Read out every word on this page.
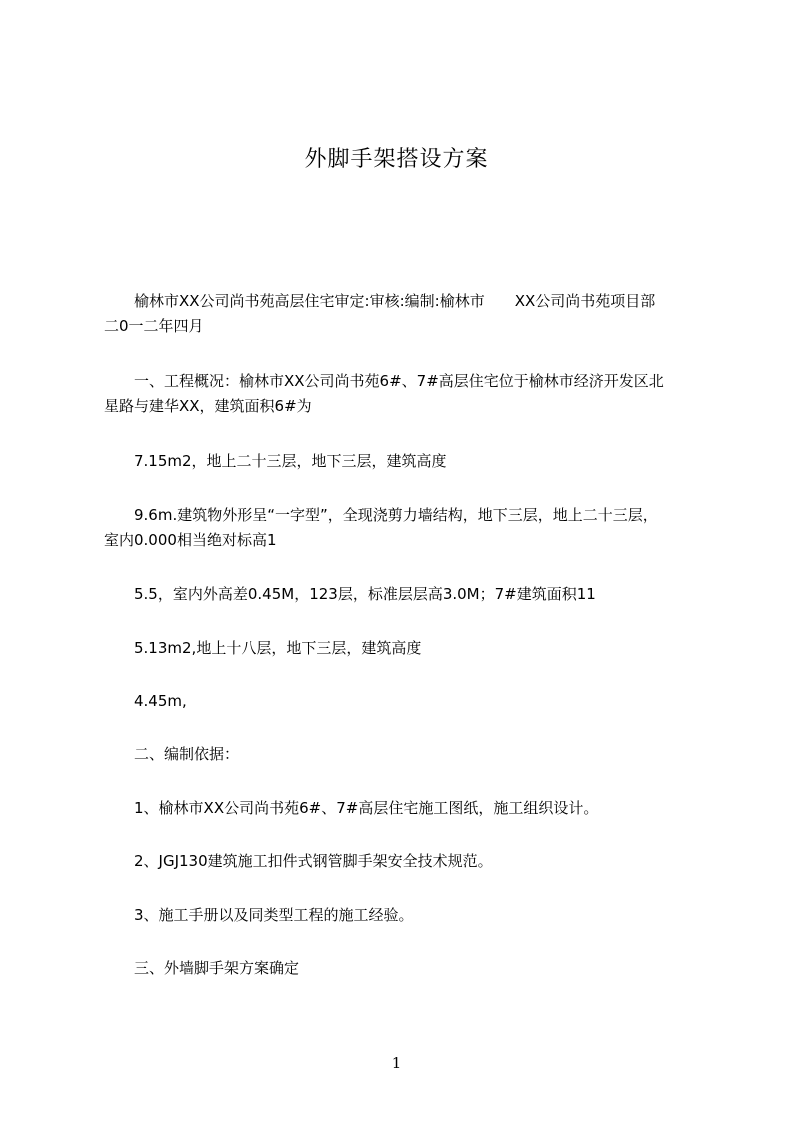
外脚手架搭设方案
　　榆林市XX公司尚书苑高层住宅审定:审核:编制:榆林市　　XX公司尚书苑项目部
二0一二年四月
　　一、工程概况：榆林市XX公司尚书苑6#、7#高层住宅位于榆林市经济开发区北
星路与建华XX，建筑面积6#为
　　7.15m2，地上二十三层，地下三层，建筑高度
　　9.6m.建筑物外形呈“一字型”，全现浇剪力墙结构，地下三层，地上二十三层，
室内0.000相当绝对标高1
　　5.5，室内外高差0.45M，123层，标准层层高3.0M；7#建筑面积11
　　5.13m2,地上十八层，地下三层，建筑高度
　　4.45m,
　　二、编制依据：
　　1、榆林市XX公司尚书苑6#、7#高层住宅施工图纸，施工组织设计。
　　2、JGJ130建筑施工扣件式钢管脚手架安全技术规范。
　　3、施工手册以及同类型工程的施工经验。
　　三、外墙脚手架方案确定
1
